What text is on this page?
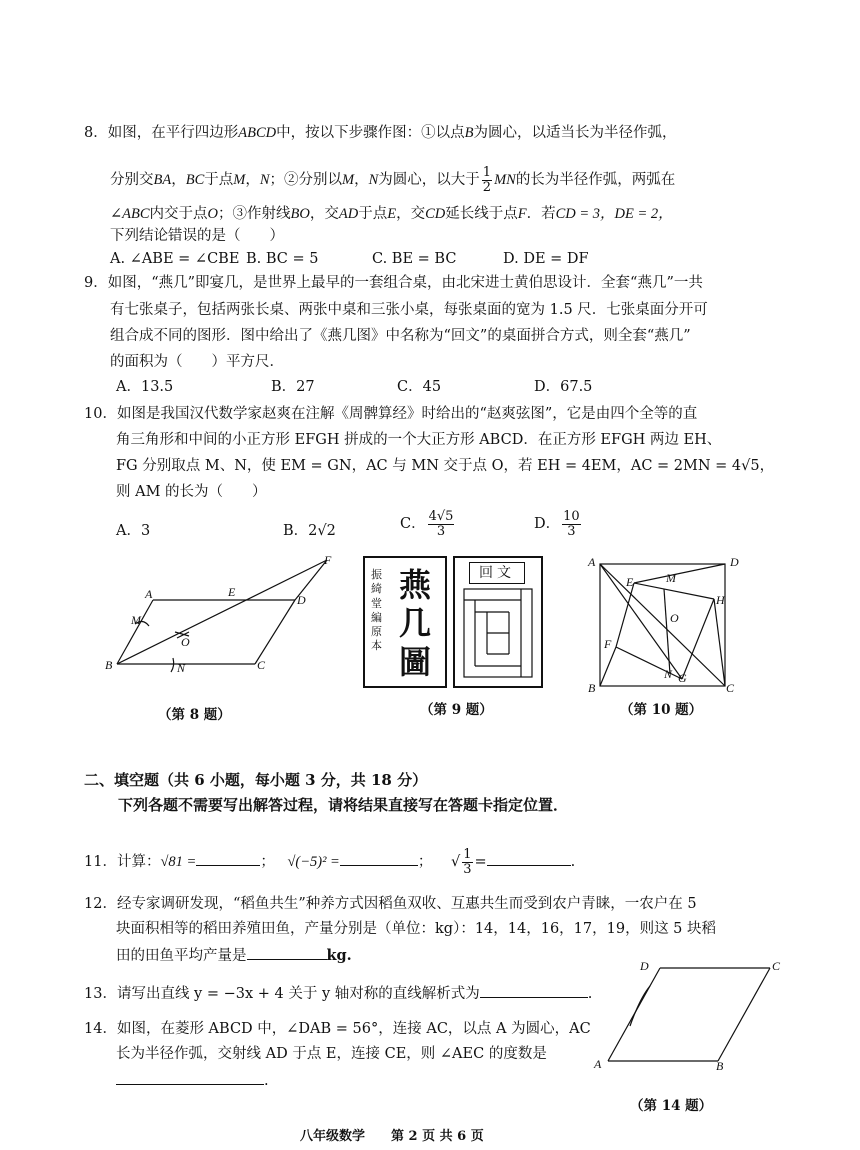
8．如图，在平行四边形ABCD中，按以下步骤作图：①以点B为圆心，以适当长为半径作弧，
分别交BA，BC于点M，N；②分别以M，N为圆心，以大于 $\frac{1}{2}$ MN的长为半径作弧，两弧在
∠ABC内交于点O；③作射线BO，交AD于点E，交CD延长线于点F．若CD = 3，DE = 2，
下列结论错误的是（　　）
A. ∠ABE = ∠CBE B. BC = 5	C. BE = BC	D. DE = DF
9．如图，“燕几”即宴几，是世界上最早的一套组合桌，由北宋进士黄伯思设计．全套“燕几”一共
有七张桌子，包括两张长桌、两张中桌和三张小桌，每张桌面的宽为 1.5 尺．七张桌面分开可
组合成不同的图形．图中给出了《燕几图》中名称为“回文”的桌面拼合方式，则全套“燕几”
的面积为（　　）平方尺．
A．13.5	B．27	C．45	D．67.5
10．如图是我国汉代数学家赵爽在注解《周髀算经》时给出的“赵爽弦图”，它是由四个全等的直
角三角形和中间的小正方形 EFGH 拼成的一个大正方形 ABCD．在正方形 EFGH 两边 EH、
FG 分别取点 M、N，使 EM = GN，AC 与 MN 交于点 O，若 EH = 4EM，AC = 2MN = 4√5，
则 AM 的长为（　　）
A．3	B．2√2	C． $\frac{4√5}{3}$	D． $\frac{10}{3}$
B
A
M
E
D
F
O
N	C
（第 8 题）
振綺堂編原本
燕
几
圖
回文
（第 9 题）
A	D
E	M
H
O
F
N G
B	C
（第 10 题）
二、填空题（共 6 小题，每小题 3 分，共 18 分）
下列各题不需要写出解答过程，请将结果直接写在答题卡指定位置．
11．计算：√81 =	； √(−5)² =	； √ $\frac{1}{3}$ =	.
12．经专家调研发现，“稻鱼共生”种养方式因稻鱼双收、互惠共生而受到农户青睐，一农户在 5
块面积相等的稻田养殖田鱼，产量分别是（单位：kg）：14，14，16，17，19，则这 5 块稻
田的田鱼平均产量是	kg.
13．请写出直线 y = −3x + 4 关于 y 轴对称的直线解析式为	.
14．如图，在菱形 ABCD 中，∠DAB = 56°，连接 AC，以点 A 为圆心，AC
长为半径作弧，交射线 AD 于点 E，连接 CE，则 ∠AEC 的度数是
.
D	C
A	B
（第 14 题）
八年级数学　　第 2 页 共 6 页
